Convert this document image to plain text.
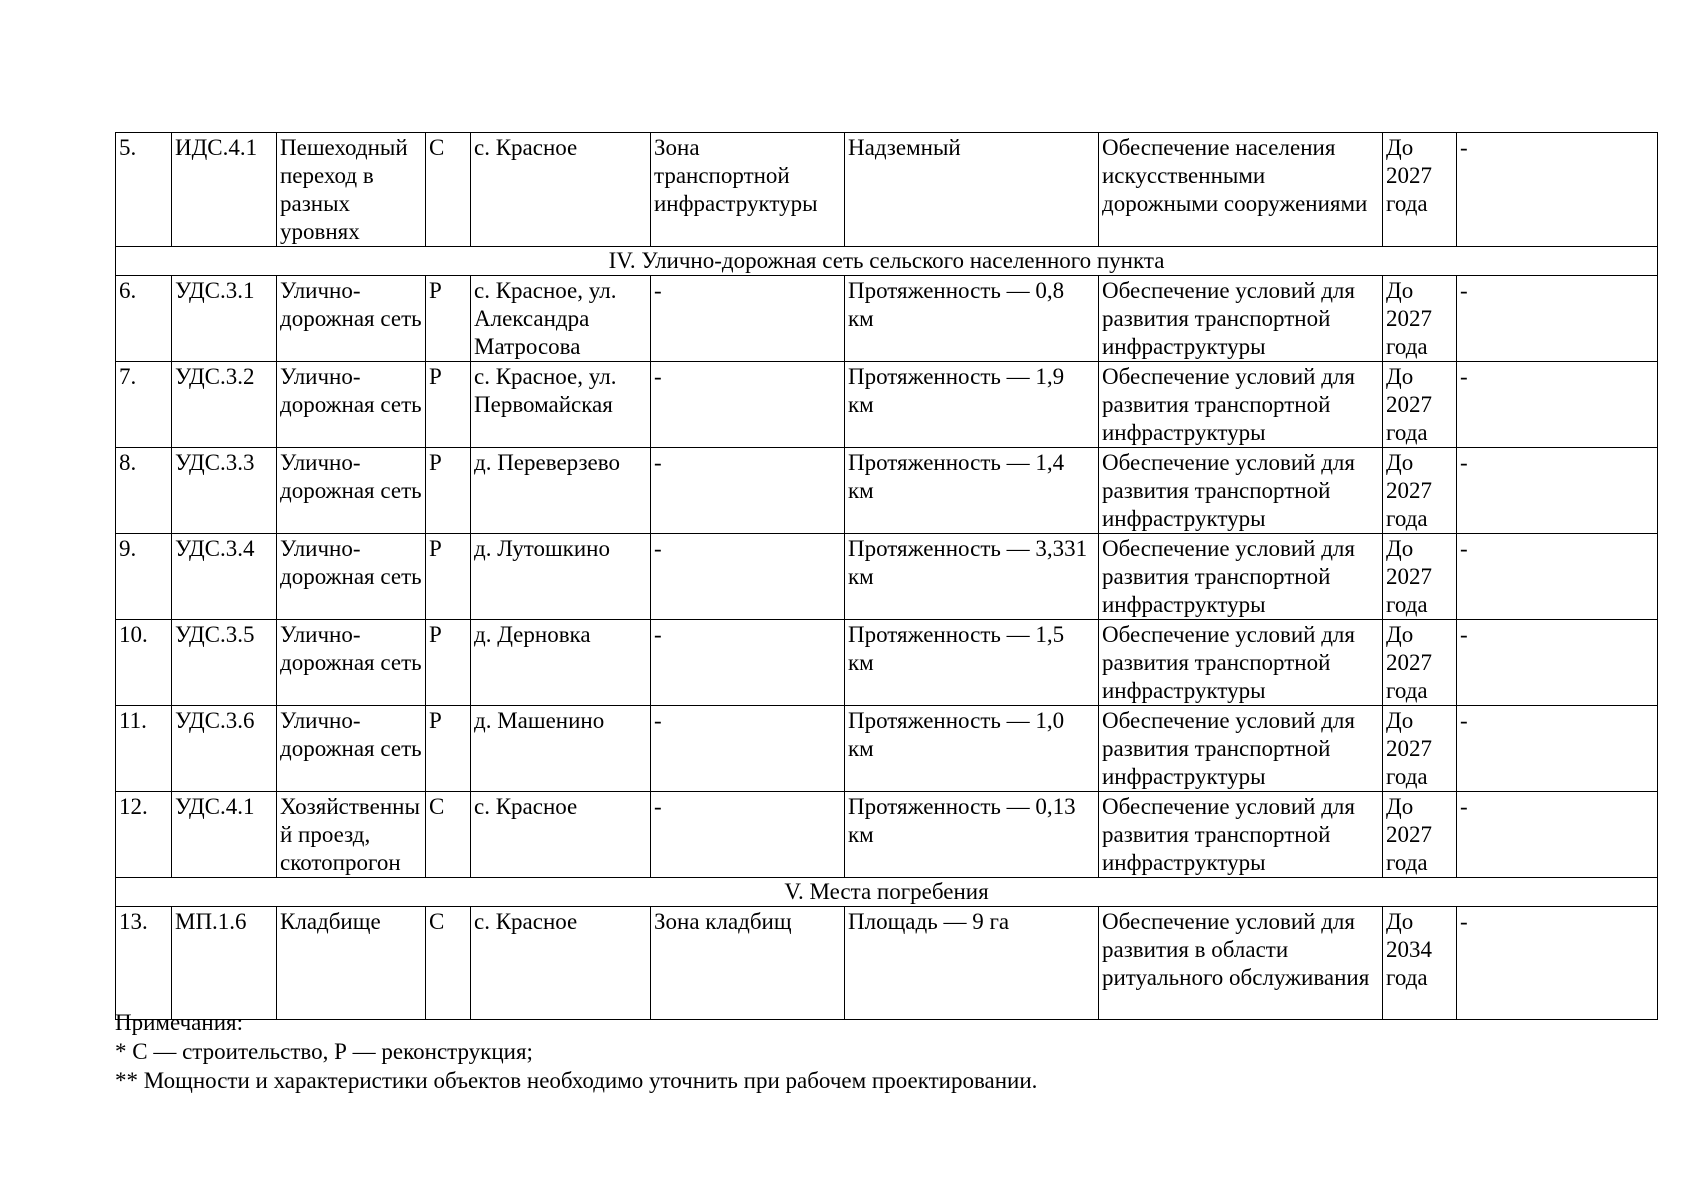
5.	ИДС.4.1	Пешеходный переход в разных уровнях	С	с. Красное	Зона транспортной инфраструктуры	Надземный	Обеспечение населения искусственными дорожными сооружениями	До 2027 года	-
IV. Улично-дорожная сеть сельского населенного пункта									
6.	УДС.3.1	Улично-дорожная сеть	Р	с. Красное, ул. Александра Матросова	-	Протяженность — 0,8 км	Обеспечение условий для развития транспортной инфраструктуры	До 2027 года	-
7.	УДС.3.2	Улично-дорожная сеть	Р	с. Красное, ул. Первомайская	-	Протяженность — 1,9 км	Обеспечение условий для развития транспортной инфраструктуры	До 2027 года	-
8.	УДС.3.3	Улично-дорожная сеть	Р	д. Переверзево	-	Протяженность — 1,4 км	Обеспечение условий для развития транспортной инфраструктуры	До 2027 года	-
9.	УДС.3.4	Улично-дорожная сеть	Р	д. Лутошкино	-	Протяженность — 3,331 км	Обеспечение условий для развития транспортной инфраструктуры	До 2027 года	-
10.	УДС.3.5	Улично-дорожная сеть	Р	д. Дерновка	-	Протяженность — 1,5 км	Обеспечение условий для развития транспортной инфраструктуры	До 2027 года	-
11.	УДС.3.6	Улично-дорожная сеть	Р	д. Машенино	-	Протяженность — 1,0 км	Обеспечение условий для развития транспортной инфраструктуры	До 2027 года	-
12.	УДС.4.1	Хозяйственный проезд, скотопрогон	С	с. Красное	-	Протяженность — 0,13 км	Обеспечение условий для развития транспортной инфраструктуры	До 2027 года	-
V. Места погребения									
13.	МП.1.6	Кладбище	С	с. Красное	Зона кладбищ	Площадь — 9 га	Обеспечение условий для развития в области ритуального обслуживания	До 2034 года	-
Примечания:
* С — строительство, Р — реконструкция;
** Мощности и характеристики объектов необходимо уточнить при рабочем проектировании.
